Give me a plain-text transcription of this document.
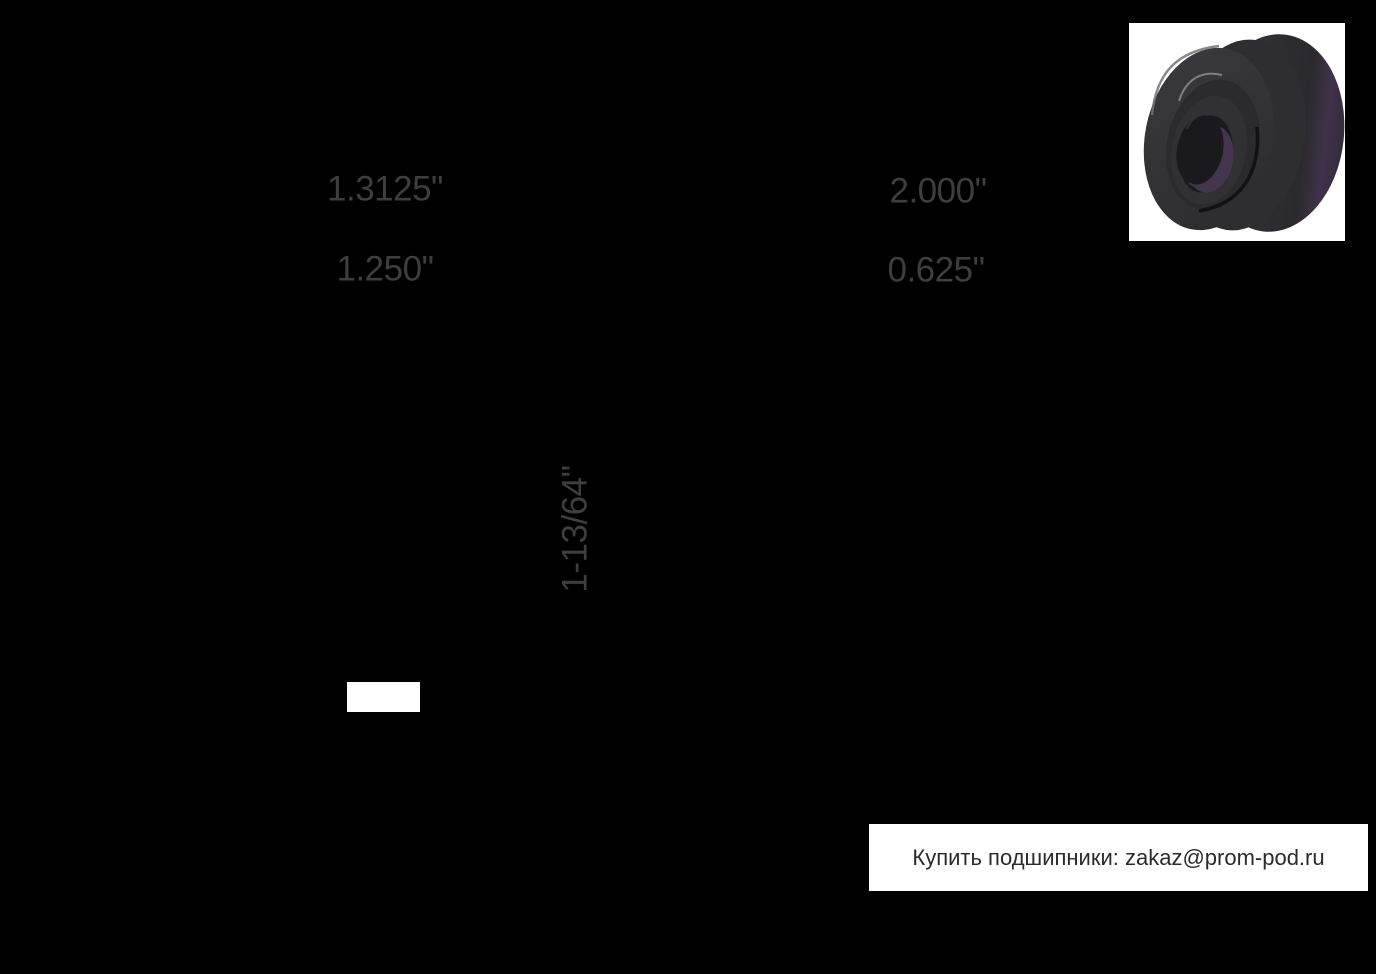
1.3125"	2.000"
1.250"	0.625"
1-13/64"
Купить подшипники: zakaz@prom-pod.ru
